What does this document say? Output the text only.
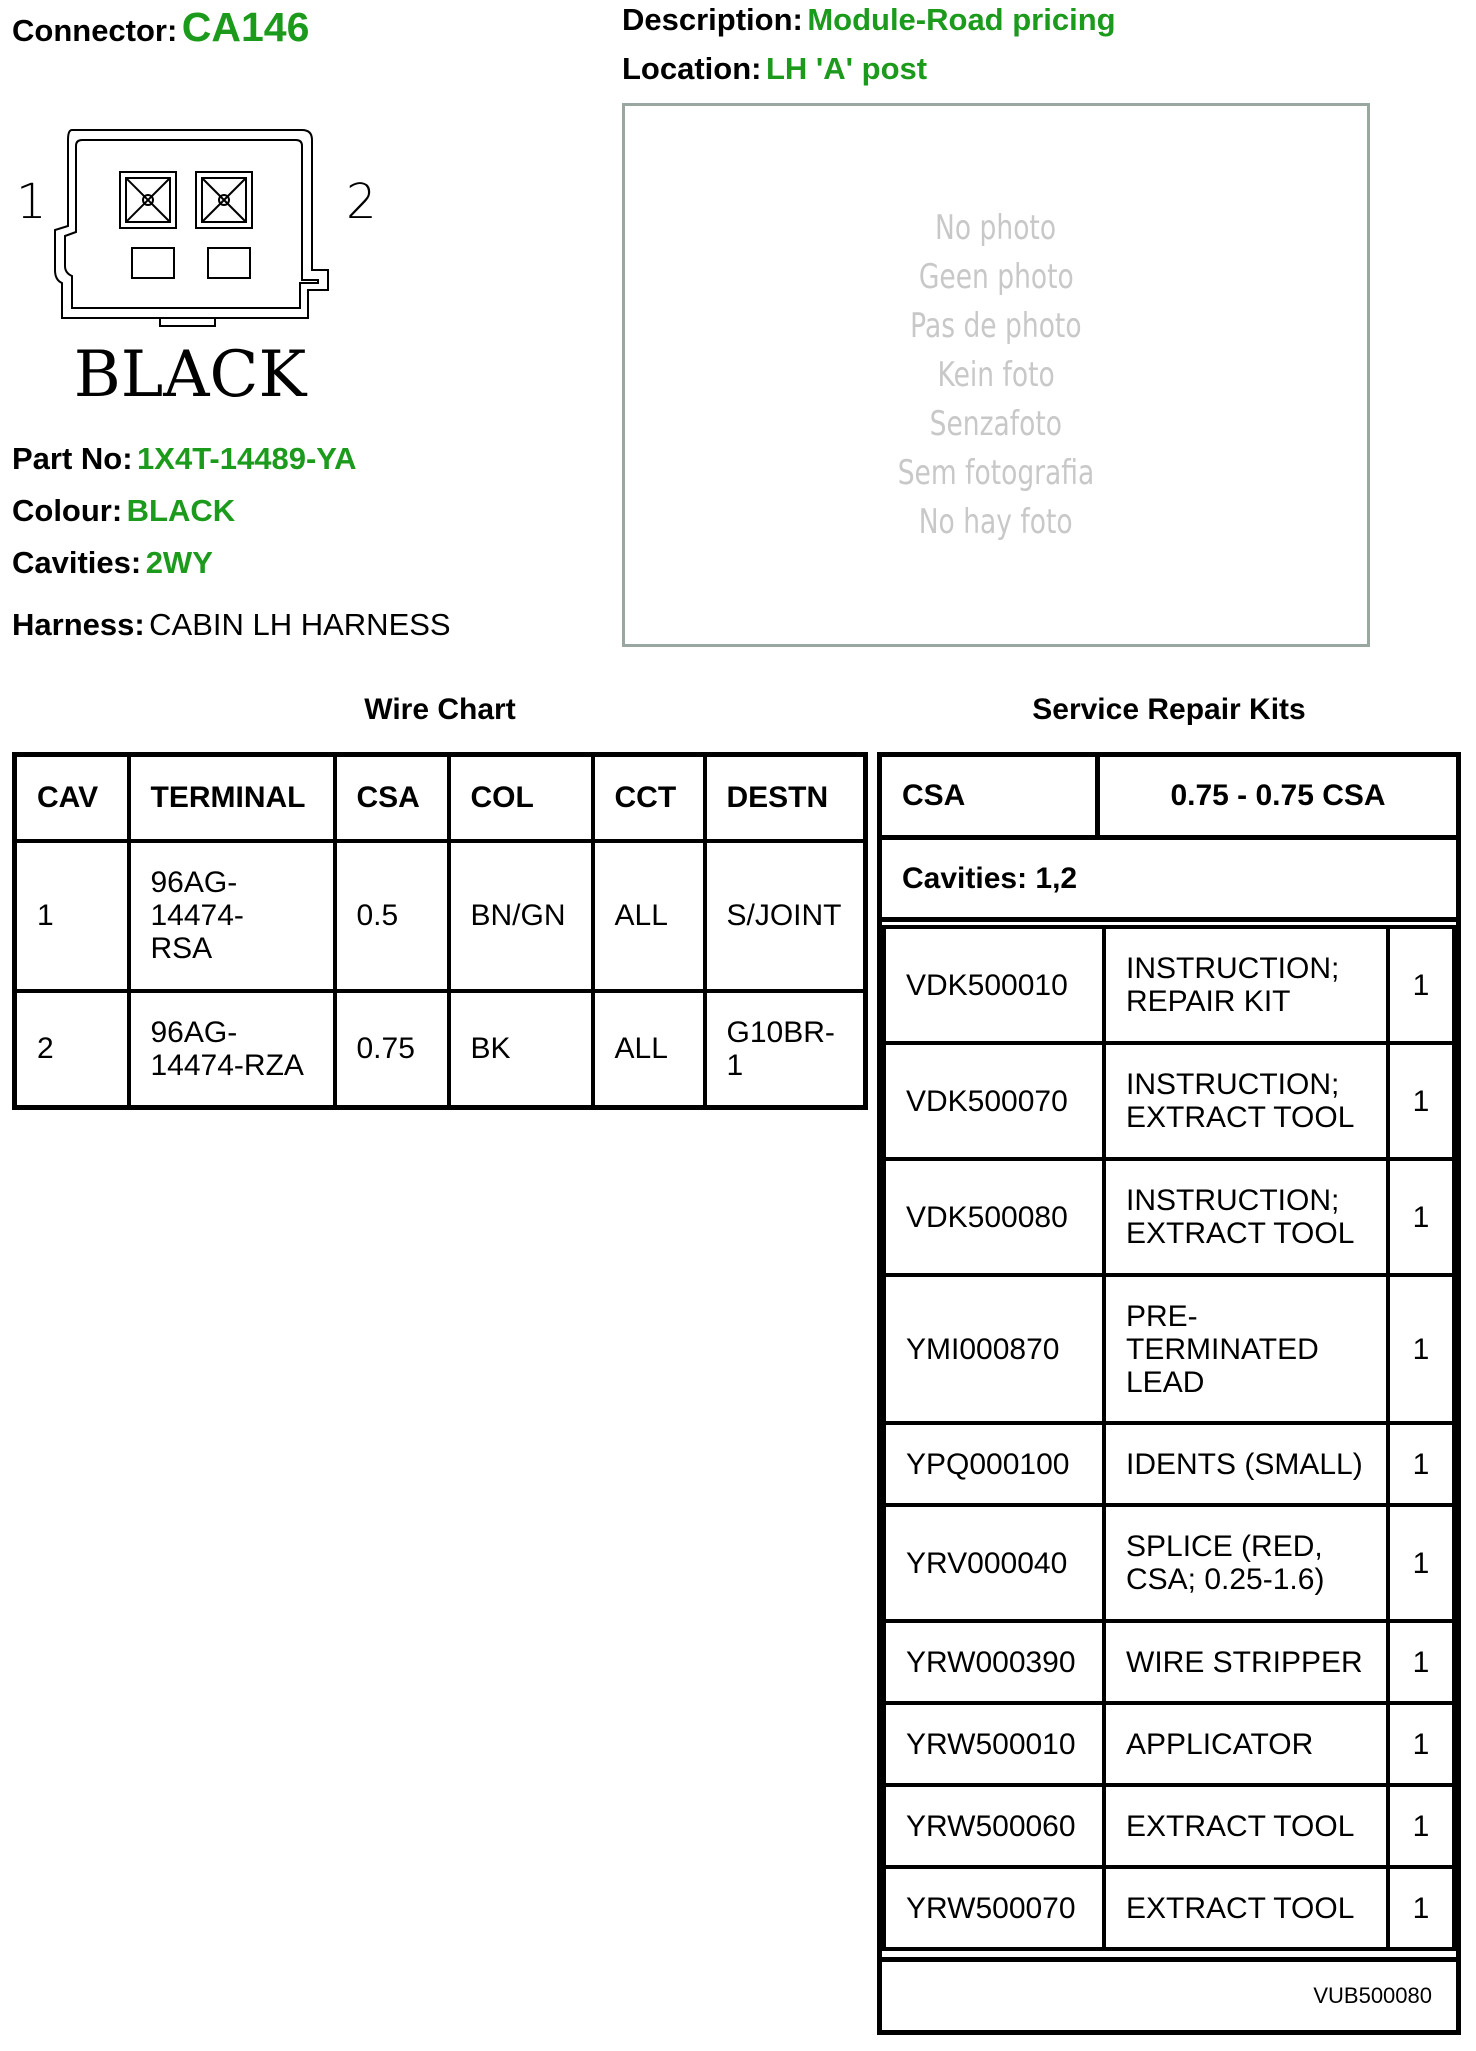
Connector: CA146	Description: Module-Road pricing
Location: LH 'A' post
1	2
BLACK
Part No: 1X4T-14489-YA
Colour: BLACK
Cavities: 2WY
Harness: CABIN LH HARNESS
No photo
Geen photo
Pas de photo
Kein foto
Senzafoto
Sem fotografia
No hay foto
Wire Chart	Service Repair Kits
CAV	TERMINAL	CSA	COL	CCT	DESTN
1	96AG-
14474-
RSA	0.5	BN/GN	ALL	S/JOINT
2	96AG-
14474-RZA	0.75	BK	ALL	G10BR-
1
CSA	0.75 - 0.75 CSA
Cavities: 1,2
VDK500010	INSTRUCTION;
REPAIR KIT	1
VDK500070	INSTRUCTION;
EXTRACT TOOL	1
VDK500080	INSTRUCTION;
EXTRACT TOOL	1
YMI000870	PRE-
TERMINATED
LEAD	1
YPQ000100	IDENTS (SMALL)	1
YRV000040	SPLICE (RED,
CSA; 0.25-1.6)	1
YRW000390	WIRE STRIPPER	1
YRW500010	APPLICATOR	1
YRW500060	EXTRACT TOOL	1
YRW500070	EXTRACT TOOL	1
VUB500080
